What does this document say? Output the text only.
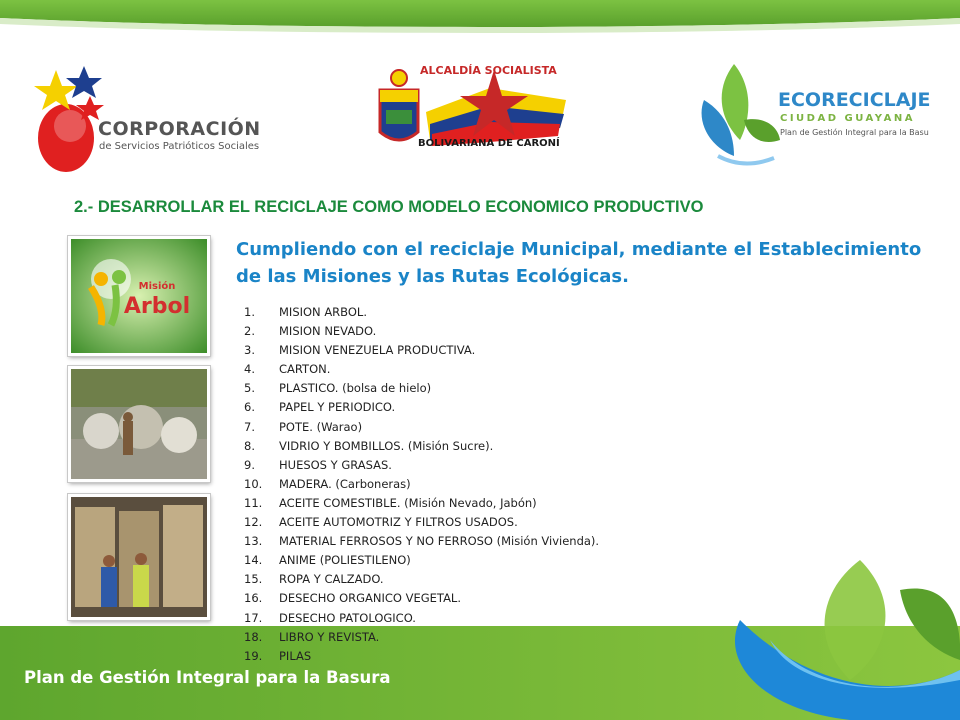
CORPORACIÓN
de Servicios Patrióticos Sociales
ALCALDÍA SOCIALISTA
BOLIVARIANA DE CARONÍ
ECORECICLAJE
CIUDAD GUAYANA
Plan de Gestión Integral para la Basu
2.- DESARROLLAR EL RECICLAJE COMO MODELO ECONOMICO PRODUCTIVO
Cumpliendo con el reciclaje Municipal, mediante el Establecimiento de las Misiones y las Rutas Ecológicas.
Misión
Arbol	1. MISION ARBOL.
2. MISION NEVADO.
3. MISION VENEZUELA PRODUCTIVA.
4. CARTON.
5. PLASTICO. (bolsa de hielo)
6. PAPEL Y PERIODICO.
7. POTE. (Warao)
8. VIDRIO Y BOMBILLOS. (Misión Sucre).
9. HUESOS Y GRASAS.
10. MADERA. (Carboneras)
11. ACEITE COMESTIBLE. (Misión Nevado, Jabón)
12. ACEITE AUTOMOTRIZ Y FILTROS USADOS.
13. MATERIAL FERROSOS Y NO FERROSO (Misión Vivienda).
14. ANIME (POLIESTILENO)
15. ROPA Y CALZADO.
16. DESECHO ORGANICO VEGETAL.
17. DESECHO PATOLOGICO.
18. LIBRO Y REVISTA.
19. PILAS
Plan de Gestión Integral para la Basura
